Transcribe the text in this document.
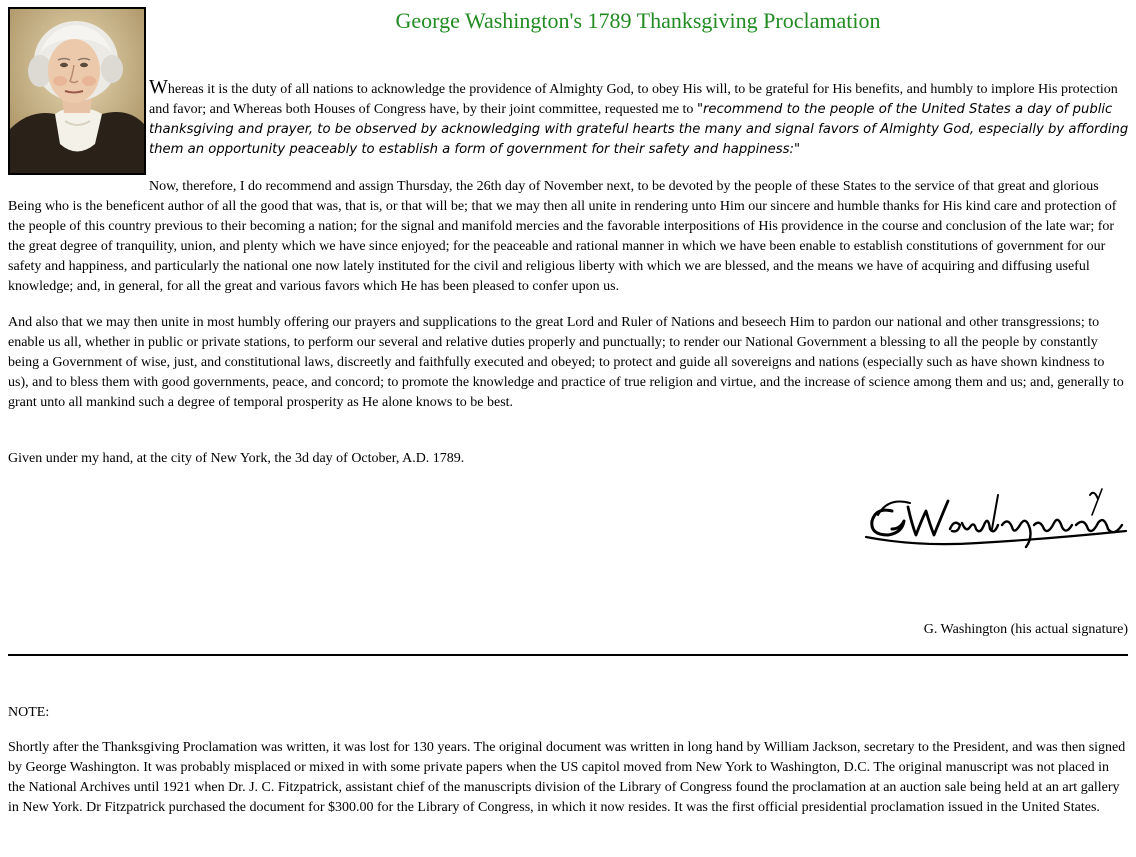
George Washington's 1789 Thanksgiving Proclamation

Whereas it is the duty of all nations to acknowledge the providence of Almighty God, to obey His will, to be grateful for His benefits, and humbly to implore His protection and favor; and Whereas both Houses of Congress have, by their joint committee, requested me to "recommend to the people of the United States a day of public thanksgiving and prayer, to be observed by acknowledging with grateful hearts the many and signal favors of Almighty God, especially by affording them an opportunity peaceably to establish a form of government for their safety and happiness:"

Now, therefore, I do recommend and assign Thursday, the 26th day of November next, to be devoted by the people of these States to the service of that great and glorious Being who is the beneficent author of all the good that was, that is, or that will be; that we may then all unite in rendering unto Him our sincere and humble thanks for His kind care and protection of the people of this country previous to their becoming a nation; for the signal and manifold mercies and the favorable interpositions of His providence in the course and conclusion of the late war; for the great degree of tranquility, union, and plenty which we have since enjoyed; for the peaceable and rational manner in which we have been enable to establish constitutions of government for our safety and happiness, and particularly the national one now lately instituted for the civil and religious liberty with which we are blessed, and the means we have of acquiring and diffusing useful knowledge; and, in general, for all the great and various favors which He has been pleased to confer upon us.

And also that we may then unite in most humbly offering our prayers and supplications to the great Lord and Ruler of Nations and beseech Him to pardon our national and other transgressions; to enable us all, whether in public or private stations, to perform our several and relative duties properly and punctually; to render our National Government a blessing to all the people by constantly being a Government of wise, just, and constitutional laws, discreetly and faithfully executed and obeyed; to protect and guide all sovereigns and nations (especially such as have shown kindness to us), and to bless them with good governments, peace, and concord; to promote the knowledge and practice of true religion and virtue, and the increase of science among them and us; and, generally to grant unto all mankind such a degree of temporal prosperity as He alone knows to be best.

Given under my hand, at the city of New York, the 3d day of October, A.D. 1789.

G. Washington (his actual signature)

NOTE:

Shortly after the Thanksgiving Proclamation was written, it was lost for 130 years. The original document was written in long hand by William Jackson, secretary to the President, and was then signed by George Washington. It was probably misplaced or mixed in with some private papers when the US capitol moved from New York to Washington, D.C. The original manuscript was not placed in the National Archives until 1921 when Dr. J. C. Fitzpatrick, assistant chief of the manuscripts division of the Library of Congress found the proclamation at an auction sale being held at an art gallery in New York. Dr Fitzpatrick purchased the document for $300.00 for the Library of Congress, in which it now resides. It was the first official presidential proclamation issued in the United States.
